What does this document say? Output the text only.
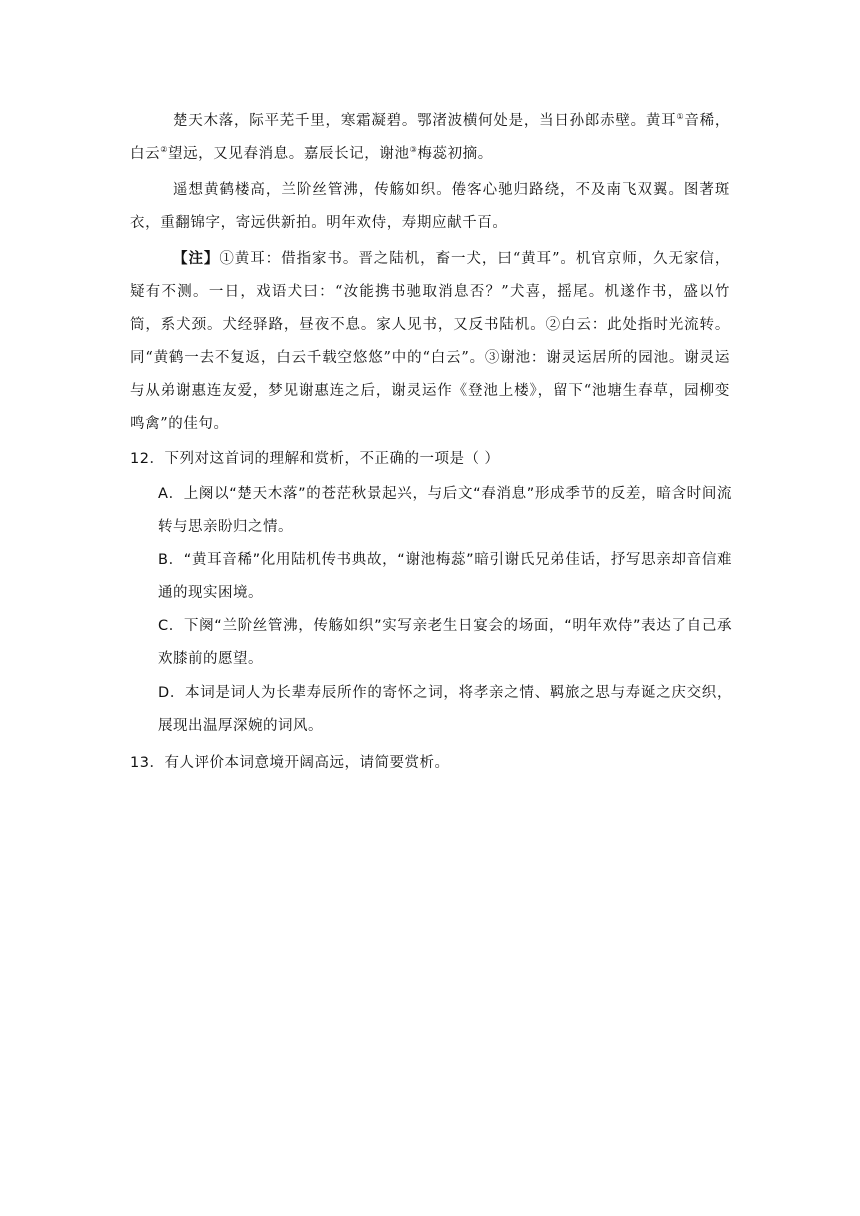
楚天木落，际平芜千里，寒霜凝碧。鄂渚波横何处是，当日孙郎赤壁。黄耳①音稀，白云②望远，又见春消息。嘉辰长记，谢池③梅蕊初摘。

遥想黄鹤楼高，兰阶丝管沸，传觞如织。倦客心驰归路绕，不及南飞双翼。图著斑衣，重翻锦字，寄远供新拍。明年欢侍，寿期应献千百。

【注】①黄耳：借指家书。晋之陆机，畜一犬，曰“黄耳”。机官京师，久无家信，疑有不测。一日，戏语犬曰：“汝能携书驰取消息否？”犬喜，摇尾。机遂作书，盛以竹筒，系犬颈。犬经驿路，昼夜不息。家人见书，又反书陆机。②白云：此处指时光流转。同“黄鹤一去不复返，白云千载空悠悠”中的“白云”。③谢池：谢灵运居所的园池。谢灵运与从弟谢惠连友爱，梦见谢惠连之后，谢灵运作《登池上楼》，留下“池塘生春草，园柳变鸣禽”的佳句。

12．下列对这首词的理解和赏析，不正确的一项是（ ）
A．上阕以“楚天木落”的苍茫秋景起兴，与后文“春消息”形成季节的反差，暗含时间流转与思亲盼归之情。
B．“黄耳音稀”化用陆机传书典故，“谢池梅蕊”暗引谢氏兄弟佳话，抒写思亲却音信难通的现实困境。
C．下阕“兰阶丝管沸，传觞如织”实写亲老生日宴会的场面，“明年欢侍”表达了自己承欢膝前的愿望。
D．本词是词人为长辈寿辰所作的寄怀之词，将孝亲之情、羁旅之思与寿诞之庆交织，展现出温厚深婉的词风。
13．有人评价本词意境开阔高远，请简要赏析。
